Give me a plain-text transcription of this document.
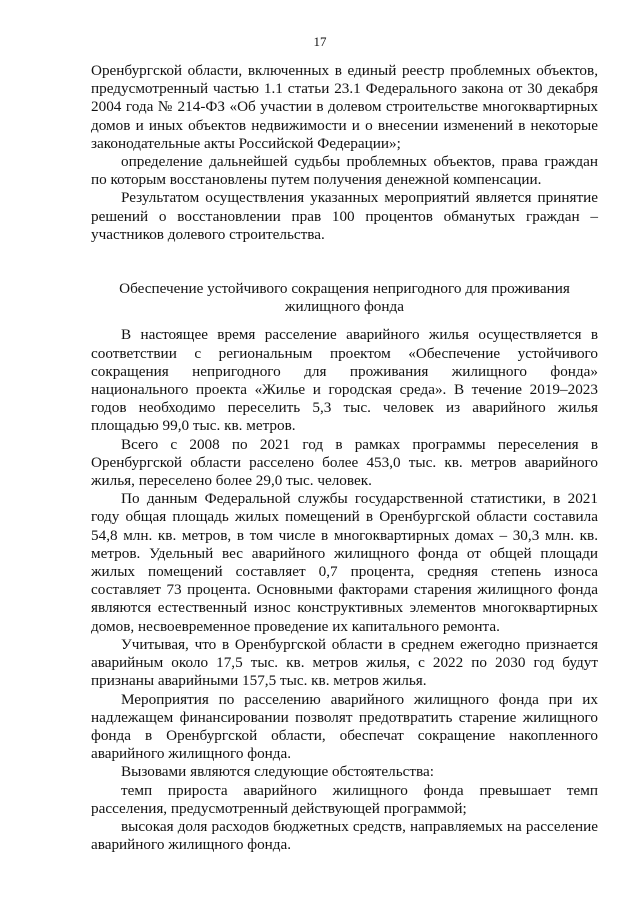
17

Оренбургской области, включенных в единый реестр проблемных объектов, предусмотренный частью 1.1 статьи 23.1 Федерального закона от 30 декабря 2004 года № 214-ФЗ «Об участии в долевом строительстве многоквартирных домов и иных объектов недвижимости и о внесении изменений в некоторые законодательные акты Российской Федерации»;

определение дальнейшей судьбы проблемных объектов, права граждан по которым восстановлены путем получения денежной компенсации.

Результатом осуществления указанных мероприятий является принятие решений о восстановлении прав 100 процентов обманутых граждан – участников долевого строительства.

Обеспечение устойчивого сокращения непригодного для проживания жилищного фонда

В настоящее время расселение аварийного жилья осуществляется в соответствии с региональным проектом «Обеспечение устойчивого сокращения непригодного для проживания жилищного фонда» национального проекта «Жилье и городская среда». В течение 2019–2023 годов необходимо переселить 5,3 тыс. человек из аварийного жилья площадью 99,0 тыс. кв. метров.

Всего с 2008 по 2021 год в рамках программы переселения в Оренбургской области расселено более 453,0 тыс. кв. метров аварийного жилья, переселено более 29,0 тыс. человек.

По данным Федеральной службы государственной статистики, в 2021 году общая площадь жилых помещений в Оренбургской области составила 54,8 млн. кв. метров, в том числе в многоквартирных домах – 30,3 млн. кв. метров. Удельный вес аварийного жилищного фонда от общей площади жилых помещений составляет 0,7 процента, средняя степень износа составляет 73 процента. Основными факторами старения жилищного фонда являются естественный износ конструктивных элементов многоквартирных домов, несвоевременное проведение их капитального ремонта.

Учитывая, что в Оренбургской области в среднем ежегодно признается аварийным около 17,5 тыс. кв. метров жилья, с 2022 по 2030 год будут признаны аварийными 157,5 тыс. кв. метров жилья.

Мероприятия по расселению аварийного жилищного фонда при их надлежащем финансировании позволят предотвратить старение жилищного фонда в Оренбургской области, обеспечат сокращение накопленного аварийного жилищного фонда.

Вызовами являются следующие обстоятельства:

темп прироста аварийного жилищного фонда превышает темп расселения, предусмотренный действующей программой;

высокая доля расходов бюджетных средств, направляемых на расселение аварийного жилищного фонда.
